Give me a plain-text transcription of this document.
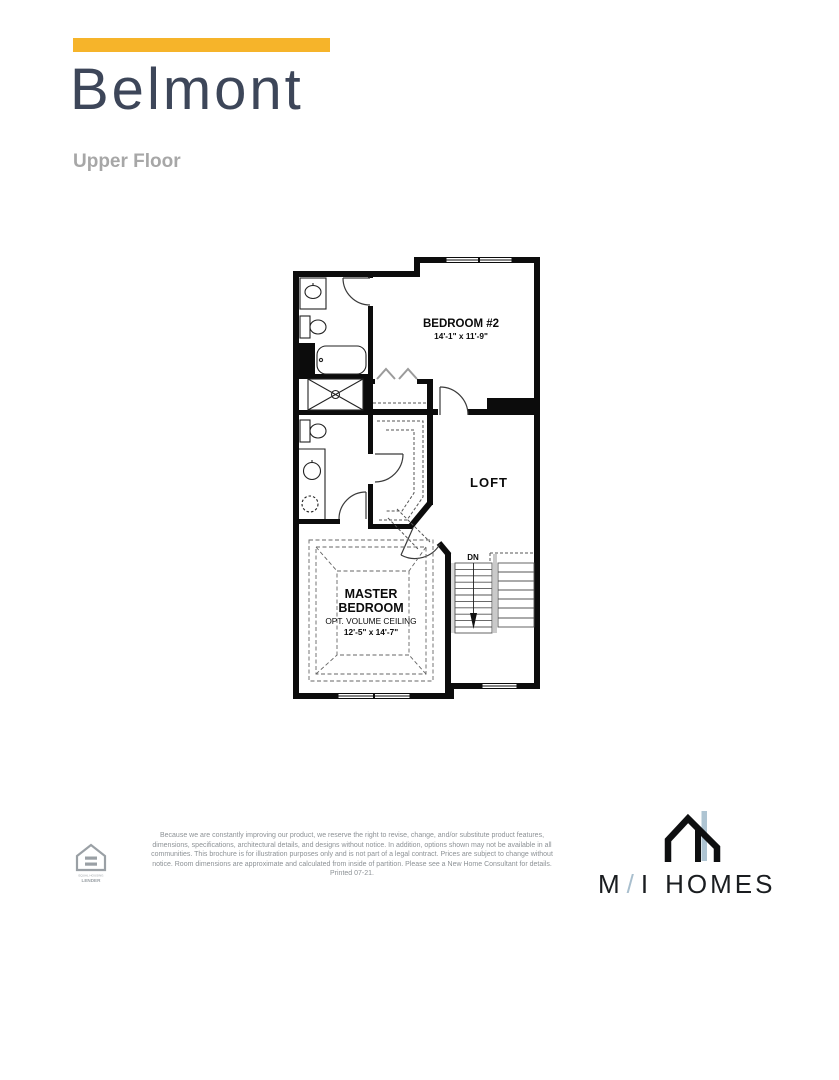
Belmont
Upper Floor
BEDROOM #2
14'-1" x 11'-9"
LOFT
MASTER
BEDROOM
OPT. VOLUME CEILING
12'-5" x 14'-7"
DN
EQUAL HOUSING
LENDER

Because we are constantly improving our product, we reserve the right to revise, change, and/or substitute product features, dimensions, specifications, architectural details, and designs without notice. In addition, options shown may not be available in all communities. This brochure is for illustration purposes only and is not part of a legal contract. Prices are subject to change without notice. Room dimensions are approximate and calculated from inside of partition. Please see a New Home Consultant for details. Printed 07-21.	M / I HOMES
